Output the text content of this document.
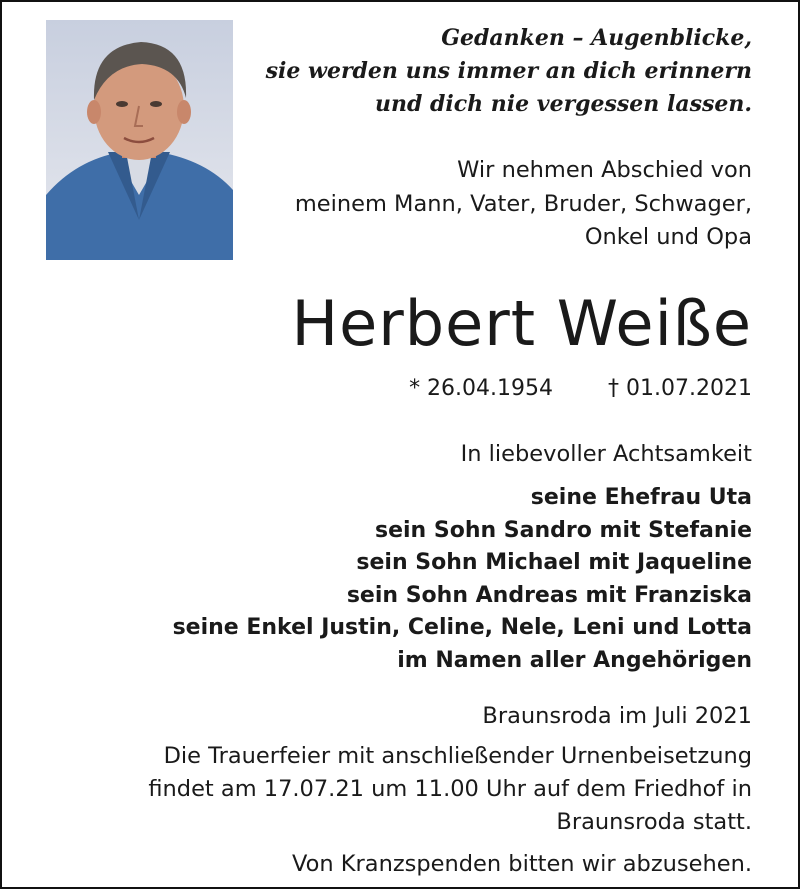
Gedanken – Augenblicke,
sie werden uns immer an dich erinnern
und dich nie vergessen lassen.
Wir nehmen Abschied von
meinem Mann, Vater, Bruder, Schwager,
Onkel und Opa
Herbert Weiße
* 26.04.1954	† 01.07.2021
In liebevoller Achtsamkeit
seine Ehefrau Uta
sein Sohn Sandro mit Stefanie
sein Sohn Michael mit Jaqueline
sein Sohn Andreas mit Franziska
seine Enkel Justin, Celine, Nele, Leni und Lotta
im Namen aller Angehörigen
Braunsroda im Juli 2021
Die Trauerfeier mit anschließender Urnenbeisetzung
findet am 17.07.21 um 11.00 Uhr auf dem Friedhof in
Braunsroda statt.
Von Kranzspenden bitten wir abzusehen.
